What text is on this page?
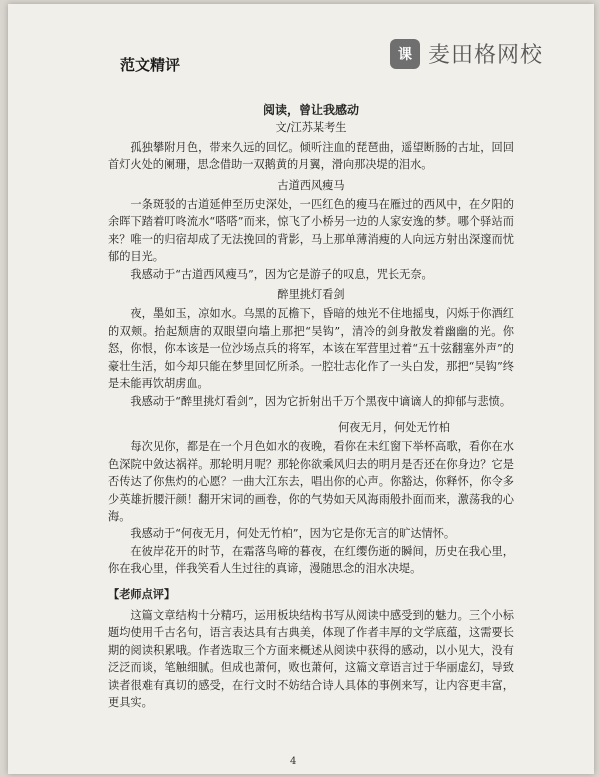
范文精评
课 麦田格网校
阅读，曾让我感动
文/江苏某考生

孤独攀附月色，带来久远的回忆。倾听注血的琵琶曲，遥望断肠的古址，回回首灯火处的阑珊，思念借助一双鹅黄的月翼，滑向那决堤的泪水。

古道西风瘦马

一条斑驳的古道延伸至历史深处，一匹红色的瘦马在雁过的西风中，在夕阳的余晖下踏着叮咚流水“嗒嗒”而来，惊飞了小桥另一边的人家安逸的梦。哪个驿站而来？唯一的归宿却成了无法挽回的背影，马上那单薄消瘦的人向远方射出深邃而忧郁的目光。

我感动于“古道西风瘦马”，因为它是游子的叹息，咒长无奈。

醉里挑灯看剑

夜，墨如玉，凉如水。乌黑的瓦檐下，昏暗的烛光不住地摇曳，闪烁于你酒红的双颊。抬起颓唐的双眼望向墙上那把“吴钩”，清冷的剑身散发着幽幽的光。你怒，你恨，你本该是一位沙场点兵的将军，本该在军营里过着“五十弦翻塞外声”的豪壮生活，如今却只能在梦里回忆所杀。一腔壮志化作了一头白发，那把“吴钩”终是未能再饮胡虏血。

我感动于“醉里挑灯看剑”，因为它折射出千万个黑夜中谪谪人的抑郁与悲愤。

何夜无月，何处无竹柏

每次见你，都是在一个月色如水的夜晚，看你在未红窗下举杯高歌，看你在水色深院中敛达祸祥。那轮明月呢？那轮你欲乘风归去的明月是否还在你身边？它是否传达了你焦灼的心愿？一曲大江东去，唱出你的心声。你豁达，你释怀，你令多少英雄折腰汗颜！翻开宋词的画卷，你的气势如天风海雨般扑面而来，激荡我的心海。

我感动于“何夜无月，何处无竹柏”，因为它是你无言的旷达情怀。

在彼岸花开的时节，在霜落鸟啼的暮夜，在红缨伤逝的瞬间，历史在我心里，你在我心里，伴我笑看人生过往的真谛，漫随思念的泪水决堤。

【老师点评】

这篇文章结构十分精巧，运用板块结构书写从阅读中感受到的魅力。三个小标题均使用千古名句，语言表达具有古典美，体现了作者丰厚的文学底蕴，这需要长期的阅读积累哦。作者选取三个方面来概述从阅读中获得的感动，以小见大，没有泛泛而谈，笔触细腻。但成也萧何，败也萧何，这篇文章语言过于华丽虚幻，导致读者很难有真切的感受，在行文时不妨结合诗人具体的事例来写，让内容更丰富，更具实。

4
